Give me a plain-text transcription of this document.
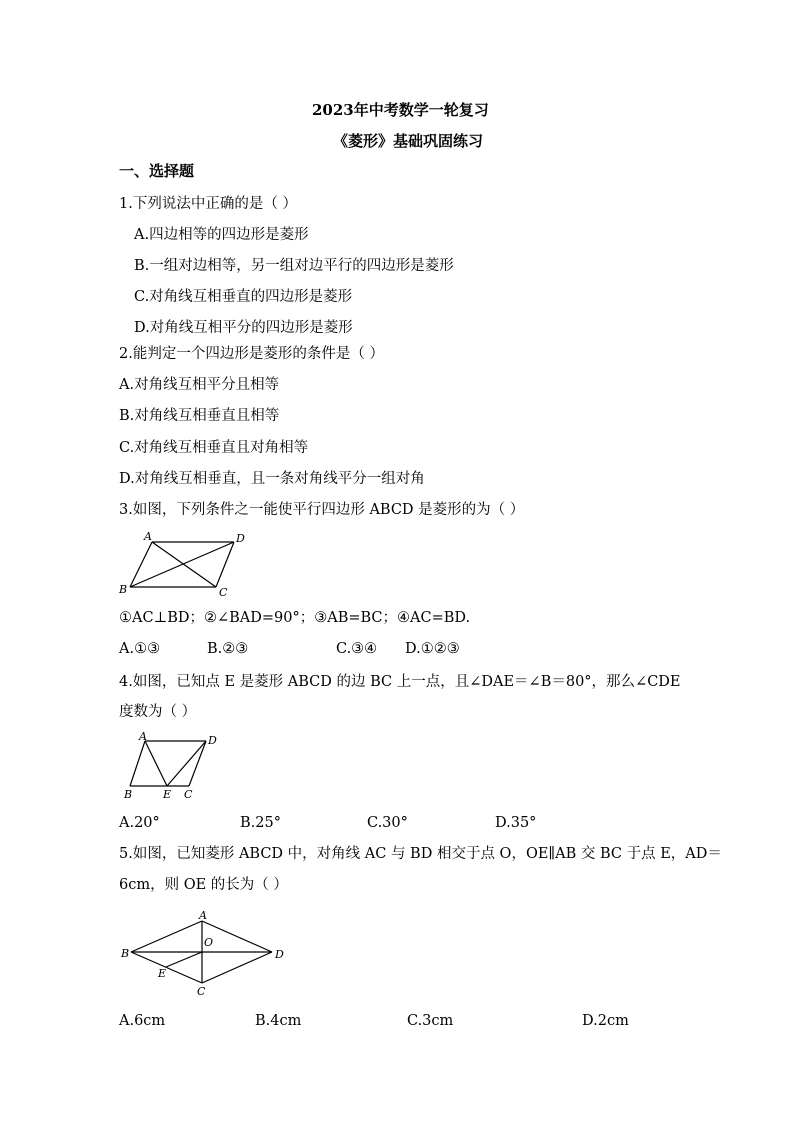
2023年中考数学一轮复习
《菱形》基础巩固练习
一、选择题
1.下列说法中正确的是（ ）
A.四边相等的四边形是菱形
B.一组对边相等，另一组对边平行的四边形是菱形
C.对角线互相垂直的四边形是菱形
D.对角线互相平分的四边形是菱形
2.能判定一个四边形是菱形的条件是（ ）
A.对角线互相平分且相等
B.对角线互相垂直且相等
C.对角线互相垂直且对角相等
D.对角线互相垂直，且一条对角线平分一组对角
3.如图，下列条件之一能使平行四边形 ABCD 是菱形的为（ ）
A	D
B	C
A	D
B	E C
A
B	D
O
E
C
①AC⊥BD；②∠BAD=90°；③AB=BC；④AC=BD.
A.①③	B.②③	C.③④ D.①②③
4.如图，已知点 E 是菱形 ABCD 的边 BC 上一点，且∠DAE＝∠B＝80°，那么∠CDE
度数为（ ）
A.20°	B.25°	C.30°	D.35°
5.如图，已知菱形 ABCD 中，对角线 AC 与 BD 相交于点 O，OE∥AB 交 BC 于点 E，AD＝
6cm，则 OE 的长为（ ）
A.6cm	B.4cm	C.3cm	D.2cm
